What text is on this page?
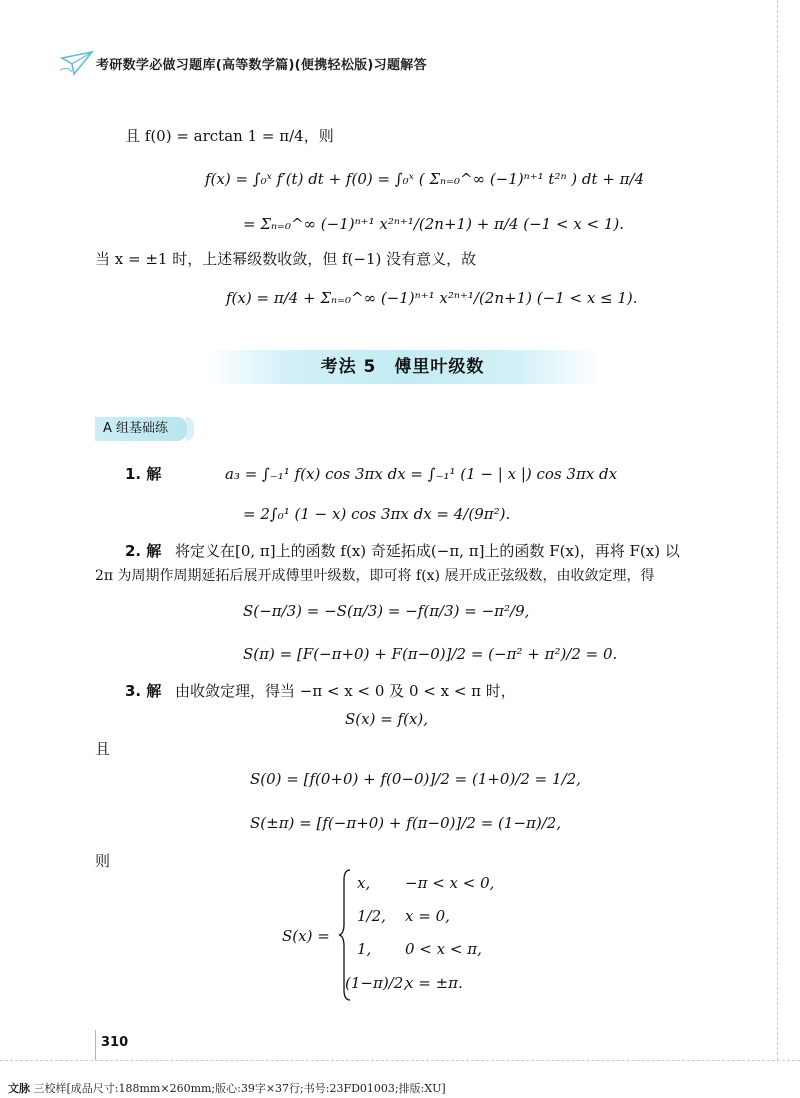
考研数学必做习题库(高等数学篇)(便携轻松版)习题解答
且 f(0) = arctan 1 = π/4，则
f(x) = ∫₀ˣ f′(t) dt + f(0) = ∫₀ˣ ( Σₙ₌₀^∞ (−1)ⁿ⁺¹ t²ⁿ ) dt + π/4
= Σₙ₌₀^∞ (−1)ⁿ⁺¹ x²ⁿ⁺¹/(2n+1) + π/4 (−1 < x < 1).
当 x = ±1 时，上述幂级数收敛，但 f(−1) 没有意义，故
f(x) = π/4 + Σₙ₌₀^∞ (−1)ⁿ⁺¹ x²ⁿ⁺¹/(2n+1) (−1 < x ≤ 1).
考法 5　傅里叶级数
A 组基础练
1. 解	a₃ = ∫₋₁¹ f(x) cos 3πx dx = ∫₋₁¹ (1 − | x |) cos 3πx dx
= 2∫₀¹ (1 − x) cos 3πx dx = 4/(9π²).
2. 解 将定义在[0, π]上的函数 f(x) 奇延拓成(−π, π]上的函数 F(x)，再将 F(x) 以
2π 为周期作周期延拓后展开成傅里叶级数，即可将 f(x) 展开成正弦级数，由收敛定理，得
S(−π/3) = −S(π/3) = −f(π/3) = −π²/9,
S(π) = [F(−π+0) + F(π−0)]/2 = (−π² + π²)/2 = 0.
3. 解 由收敛定理，得当 −π < x < 0 及 0 < x < π 时，
S(x) = f(x),
且
S(0) = [f(0+0) + f(0−0)]/2 = (1+0)/2 = 1/2,
S(±π) = [f(−π+0) + f(π−0)]/2 = (1−π)/2,
则
S(x) =
x, −π < x < 0,
1/2, x = 0,
1, 0 < x < π,
(1−π)/2,
x = ±π.
310
文脉 三校样[成品尺寸:188mm×260mm;版心:39字×37行;书号:23FD01003;排版:XU]
